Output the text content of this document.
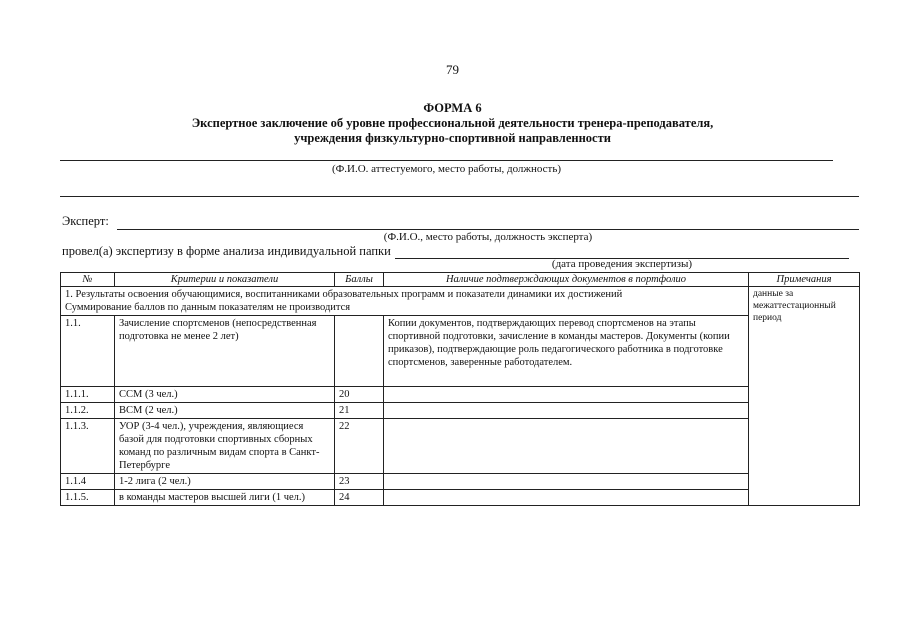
79
ФОРМА 6
Экспертное заключение об уровне профессиональной деятельности тренера-преподавателя,
учреждения физкультурно-спортивной направленности
(Ф.И.О. аттестуемого, место работы, должность)
Эксперт:
(Ф.И.О., место работы, должность эксперта)
провел(а) экспертизу в форме анализа индивидуальной папки
(дата проведения экспертизы)
№	Критерии и показатели	Баллы	Наличие подтверждающих документов в портфолио	Примечания

1. Результаты освоения обучающимися, воспитанниками образовательных программ и показатели динамики их достижений
Суммирование баллов по данным показателям не производится				данные за межаттестационный период
1.1.	Зачисление спортсменов (непосредственная подготовка не менее 2 лет)		Копии документов, подтверждающих перевод спортсменов на этапы спортивной подготовки, зачисление в команды мастеров. Документы (копии приказов), подтверждающие роль педагогического работника в подготовке спортсменов, заверенные работодателем.	
1.1.1.	ССМ (3 чел.)	20		
1.1.2.	ВСМ (2 чел.)	21		
1.1.3.	УОР (3-4 чел.), учреждения, являющиеся базой для подготовки спортивных сборных команд по различным видам спорта в Санкт-Петербурге	22		
1.1.4	1-2 лига (2 чел.)	23		
1.1.5.	в команды мастеров высшей лиги (1 чел.)	24		
